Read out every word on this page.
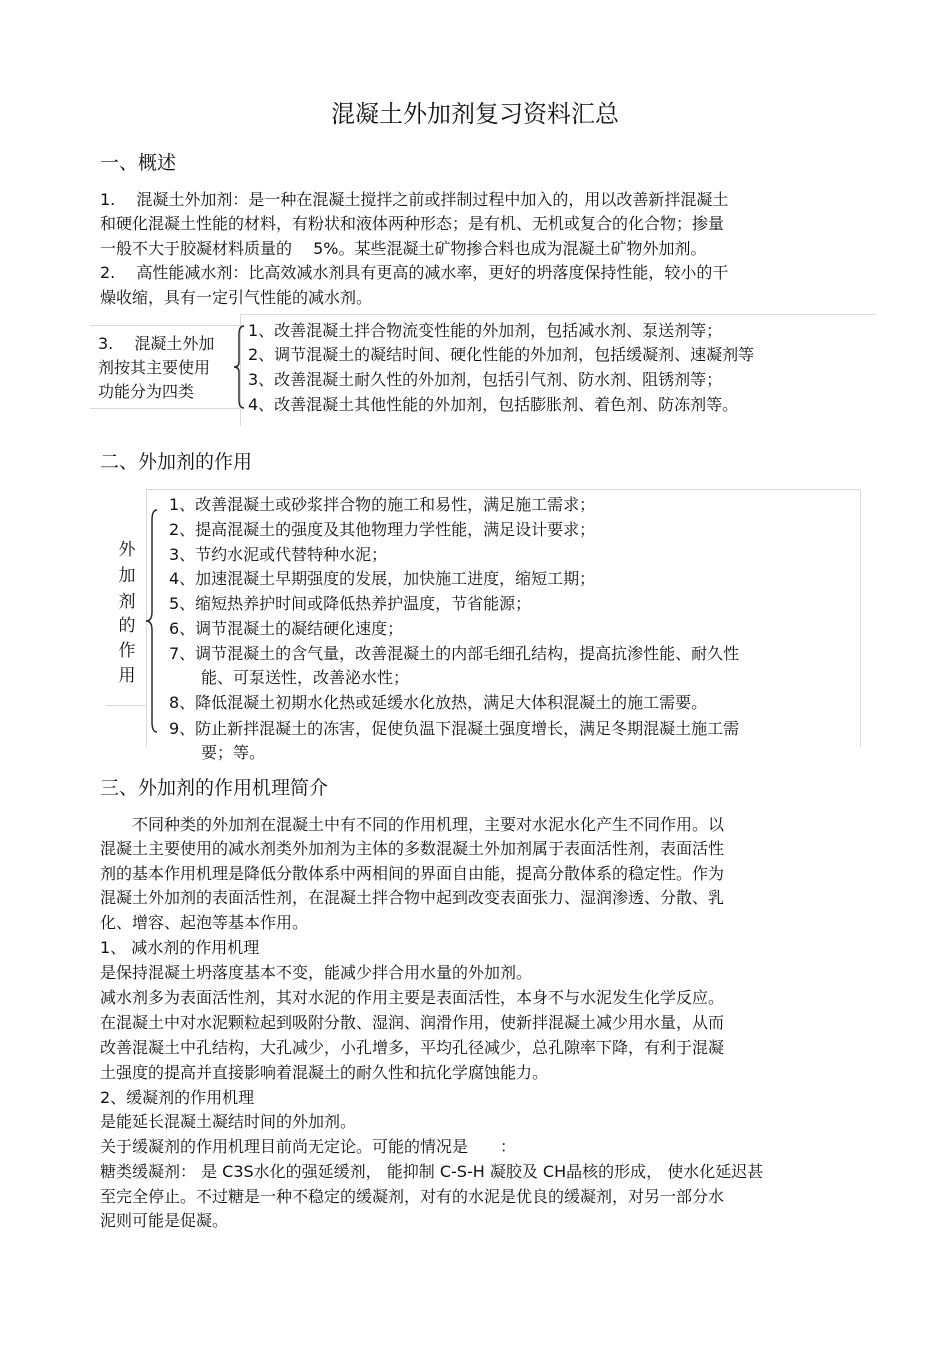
混凝土外加剂复习资料汇总
一、概述
1.　 混凝土外加剂：是一种在混凝土搅拌之前或拌制过程中加入的，用以改善新拌混凝土
和硬化混凝土性能的材料，有粉状和液体两种形态；是有机、无机或复合的化合物；掺量
一般不大于胶凝材料质量的　 5%。某些混凝土矿物掺合料也成为混凝土矿物外加剂。
2.　 高性能减水剂：比高效减水剂具有更高的减水率，更好的坍落度保持性能，较小的干
燥收缩，具有一定引气性能的减水剂。
3.　 混凝土外加
剂按其主要使用
功能分为四类
1、改善混凝土拌合物流变性能的外加剂，包括减水剂、泵送剂等；
2、调节混凝土的凝结时间、硬化性能的外加剂，包括缓凝剂、速凝剂等
3、改善混凝土耐久性的外加剂，包括引气剂、防水剂、阻锈剂等；
4、改善混凝土其他性能的外加剂，包括膨胀剂、着色剂、防冻剂等。
二、外加剂的作用
外
加
剂
的
作
用
1、改善混凝土或砂浆拌合物的施工和易性，满足施工需求；
2、提高混凝土的强度及其他物理力学性能，满足设计要求；
3、节约水泥或代替特种水泥；
4、加速混凝土早期强度的发展，加快施工进度，缩短工期；
5、缩短热养护时间或降低热养护温度，节省能源；
6、调节混凝土的凝结硬化速度；
7、调节混凝土的含气量，改善混凝土的内部毛细孔结构，提高抗渗性能、耐久性
　　能、可泵送性，改善泌水性；
8、降低混凝土初期水化热或延缓水化放热，满足大体积混凝土的施工需要。
9、防止新拌混凝土的冻害，促使负温下混凝土强度增长，满足冬期混凝土施工需
　　要；等。
三、外加剂的作用机理简介
　　不同种类的外加剂在混凝土中有不同的作用机理，主要对水泥水化产生不同作用。以
混凝土主要使用的减水剂类外加剂为主体的多数混凝土外加剂属于表面活性剂，表面活性
剂的基本作用机理是降低分散体系中两相间的界面自由能，提高分散体系的稳定性。作为
混凝土外加剂的表面活性剂，在混凝土拌合物中起到改变表面张力、湿润渗透、分散、乳
化、增容、起泡等基本作用。
1、 减水剂的作用机理
是保持混凝土坍落度基本不变，能减少拌合用水量的外加剂。
减水剂多为表面活性剂，其对水泥的作用主要是表面活性，本身不与水泥发生化学反应。
在混凝土中对水泥颗粒起到吸附分散、湿润、润滑作用，使新拌混凝土减少用水量，从而
改善混凝土中孔结构，大孔减少，小孔增多，平均孔径减少，总孔隙率下降，有利于混凝
土强度的提高并直接影响着混凝土的耐久性和抗化学腐蚀能力。
2、缓凝剂的作用机理
是能延长混凝土凝结时间的外加剂。
关于缓凝剂的作用机理目前尚无定论。可能的情况是　　：
糖类缓凝剂： 是 C3S水化的强延缓剂， 能抑制 C-S-H 凝胶及 CH晶核的形成， 使水化延迟甚
至完全停止。不过糖是一种不稳定的缓凝剂，对有的水泥是优良的缓凝剂，对另一部分水
泥则可能是促凝。
